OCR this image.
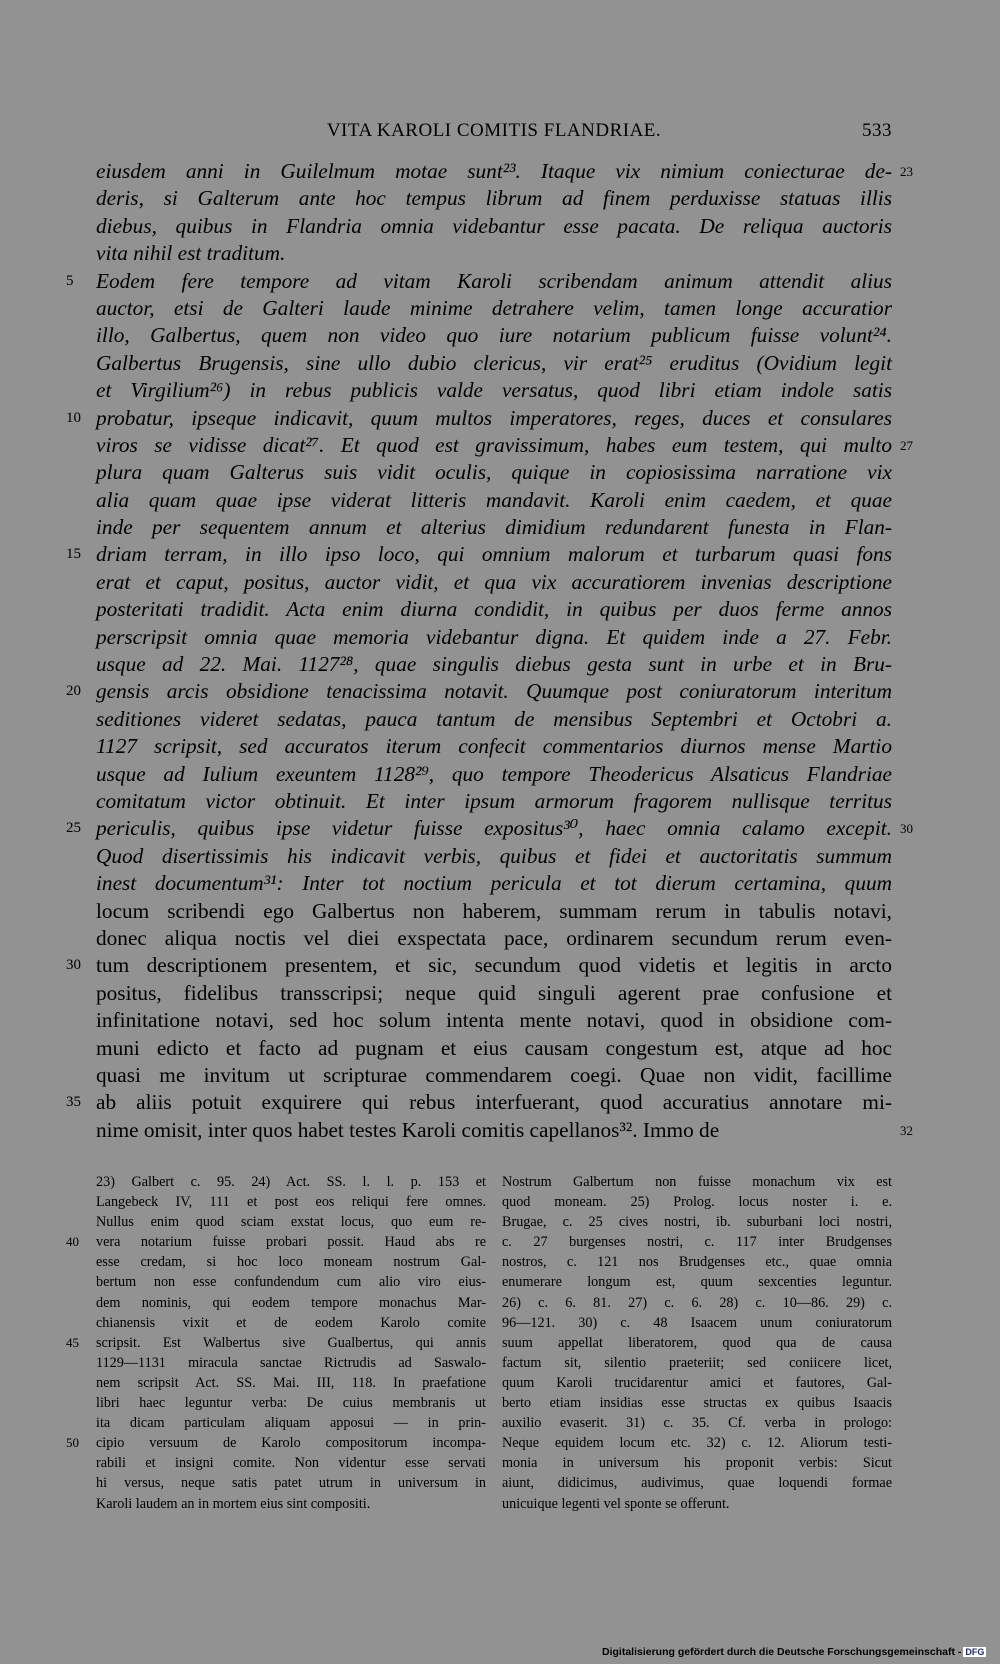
VITA KAROLI COMITIS FLANDRIAE.	533
eiusdem anni in Guilelmum motae sunt²³. Itaque vix nimium coniecturae de- 23
deris, si Galterum ante hoc tempus librum ad finem perduxisse statuas illis
diebus, quibus in Flandria omnia videbantur esse pacata. De reliqua auctoris
vita nihil est traditum.
5	Eodem fere tempore ad vitam Karoli scribendam animum attendit alius
auctor, etsi de Galteri laude minime detrahere velim, tamen longe accuratior
illo, Galbertus, quem non video quo iure notarium publicum fuisse volunt²⁴.
Galbertus Brugensis, sine ullo dubio clericus, vir erat²⁵ eruditus (Ovidium legit
et Virgilium²⁶) in rebus publicis valde versatus, quod libri etiam indole satis
10 probatur, ipseque indicavit, quum multos imperatores, reges, duces et consulares
viros se vidisse dicat²⁷. Et quod est gravissimum, habes eum testem, qui multo 27
plura quam Galterus suis vidit oculis, quique in copiosissima narratione vix
alia quam quae ipse viderat litteris mandavit. Karoli enim caedem, et quae
inde per sequentem annum et alterius dimidium redundarent funesta in Flan-
15 driam terram, in illo ipso loco, qui omnium malorum et turbarum quasi fons
erat et caput, positus, auctor vidit, et qua vix accuratiorem invenias descriptione
posteritati tradidit. Acta enim diurna condidit, in quibus per duos ferme annos
perscripsit omnia quae memoria videbantur digna. Et quidem inde a 27. Febr.
usque ad 22. Mai. 1127²⁸, quae singulis diebus gesta sunt in urbe et in Bru-
20 gensis arcis obsidione tenacissima notavit. Quumque post coniuratorum interitum
seditiones videret sedatas, pauca tantum de mensibus Septembri et Octobri a.
1127 scripsit, sed accuratos iterum confecit commentarios diurnos mense Martio
usque ad Iulium exeuntem 1128²⁹, quo tempore Theodericus Alsaticus Flandriae
comitatum victor obtinuit. Et inter ipsum armorum fragorem nullisque territus
25 periculis, quibus ipse videtur fuisse expositus³⁰, haec omnia calamo excepit. 30
Quod disertissimis his indicavit verbis, quibus et fidei et auctoritatis summum
inest documentum³¹: Inter tot noctium pericula et tot dierum certamina, quum
locum scribendi ego Galbertus non haberem, summam rerum in tabulis notavi,
donec aliqua noctis vel diei exspectata pace, ordinarem secundum rerum even-
30 tum descriptionem presentem, et sic, secundum quod videtis et legitis in arcto
positus, fidelibus transscripsi; neque quid singuli agerent prae confusione et
infinitatione notavi, sed hoc solum intenta mente notavi, quod in obsidione com-
muni edicto et facto ad pugnam et eius causam congestum est, atque ad hoc
quasi me invitum ut scripturae commendarem coegi. Quae non vidit, facillime
35 ab aliis potuit exquirere qui rebus interfuerant, quod accuratius annotare mi-
nime omisit, inter quos habet testes Karoli comitis capellanos³². Immo de	32
23) Galbert c. 95. 24) Act. SS. l. l. p. 153 et
Langebeck IV, 111 et post eos reliqui fere omnes.
Nullus enim quod sciam exstat locus, quo eum re-
40	vera notarium fuisse probari possit. Haud abs re
esse credam, si hoc loco moneam nostrum Gal-
bertum non esse confundendum cum alio viro eius-
dem nominis, qui eodem tempore monachus Mar-
chianensis vixit et de eodem Karolo comite
45	scripsit. Est Walbertus sive Gualbertus, qui annis
1129—1131 miracula sanctae Rictrudis ad Saswalo-
nem scripsit Act. SS. Mai. III, 118. In praefatione
libri haec leguntur verba: De cuius membranis ut
ita dicam particulam aliquam apposui — in prin-
50	cipio versuum de Karolo compositorum incompa-
rabili et insigni comite. Non videntur esse servati
hi versus, neque satis patet utrum in universum in
Karoli laudem an in mortem eius sint compositi.
Nostrum Galbertum non fuisse monachum vix est
quod moneam. 25) Prolog. locus noster i. e.
Brugae, c. 25 cives nostri, ib. suburbani loci nostri,
c. 27 burgenses nostri, c. 117 inter Brudgenses
nostros, c. 121 nos Brudgenses etc., quae omnia
enumerare longum est, quum sexcenties leguntur.
26) c. 6. 81. 27) c. 6. 28) c. 10—86. 29) c.
96—121. 30) c. 48 Isaacem unum coniuratorum
suum appellat liberatorem, quod qua de causa
factum sit, silentio praeteriit; sed coniicere licet,
quum Karoli trucidarentur amici et fautores, Gal-
berto etiam insidias esse structas ex quibus Isaacis
auxilio evaserit. 31) c. 35. Cf. verba in prologo:
Neque equidem locum etc. 32) c. 12. Aliorum testi-
monia in universum his proponit verbis: Sicut
aiunt, didicimus, audivimus, quae loquendi formae
unicuique legenti vel sponte se offerunt.
Digitalisierung gefördert durch die Deutsche Forschungsgemeinschaft - DFG
